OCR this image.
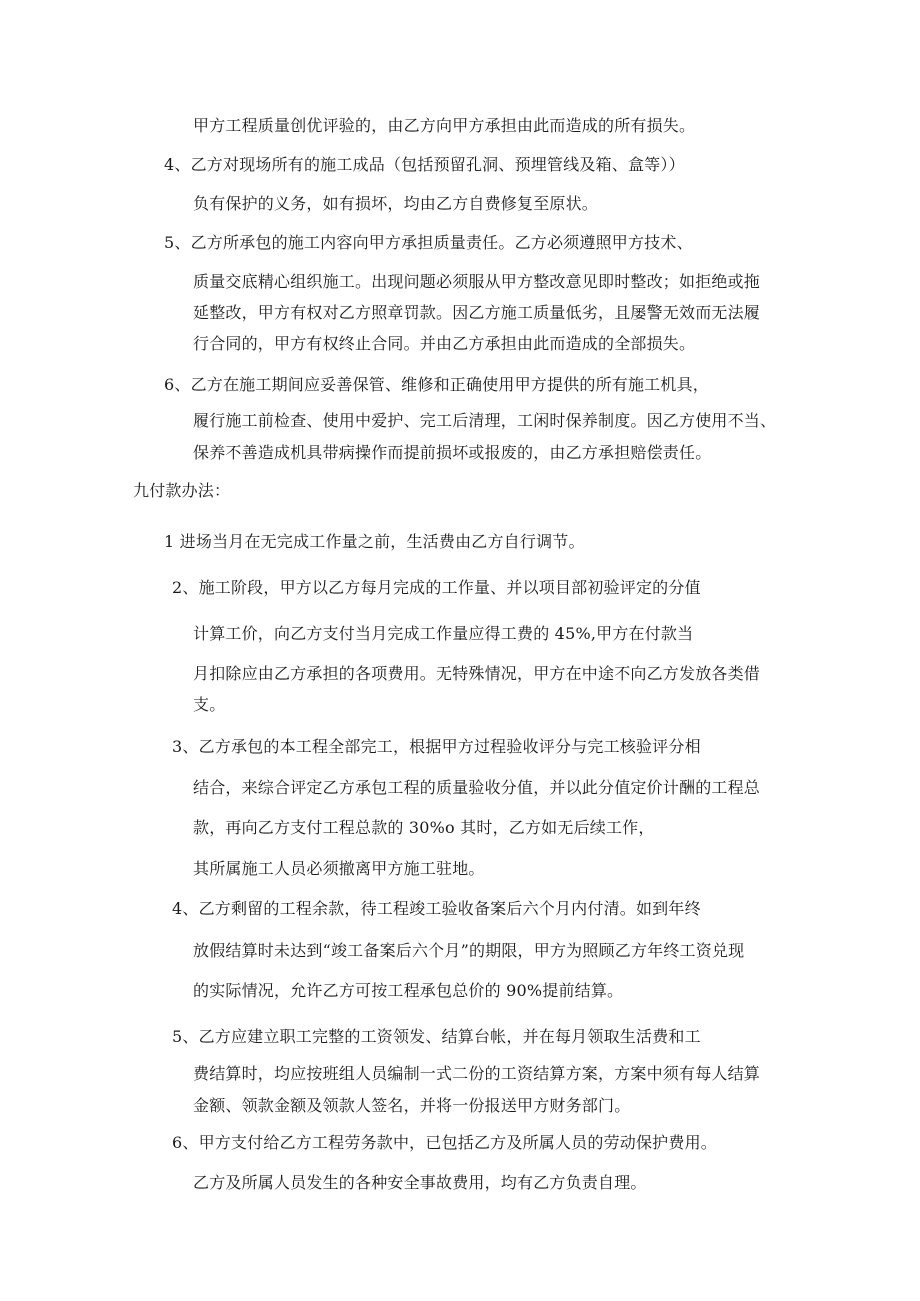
甲方工程质量创优评验的，由乙方向甲方承担由此而造成的所有损失。
4、乙方对现场所有的施工成品（包括预留孔洞、预埋管线及箱、盒等））
负有保护的义务，如有损坏，均由乙方自费修复至原状。
5、乙方所承包的施工内容向甲方承担质量责任。乙方必须遵照甲方技术、
质量交底精心组织施工。出现问题必须服从甲方整改意见即时整改；如拒绝或拖
延整改，甲方有权对乙方照章罚款。因乙方施工质量低劣，且屡警无效而无法履
行合同的，甲方有权终止合同。并由乙方承担由此而造成的全部损失。
6、乙方在施工期间应妥善保管、维修和正确使用甲方提供的所有施工机具，
履行施工前检查、使用中爱护、完工后清理，工闲时保养制度。因乙方使用不当、
保养不善造成机具带病操作而提前损坏或报废的，由乙方承担赔偿责任。
九付款办法：
1 进场当月在无完成工作量之前，生活费由乙方自行调节。
2、施工阶段，甲方以乙方每月完成的工作量、并以项目部初验评定的分值
计算工价，向乙方支付当月完成工作量应得工费的 45%,甲方在付款当
月扣除应由乙方承担的各项费用。无特殊情况，甲方在中途不向乙方发放各类借
支。
3、乙方承包的本工程全部完工，根据甲方过程验收评分与完工核验评分相
结合，来综合评定乙方承包工程的质量验收分值，并以此分值定价计酬的工程总
款，再向乙方支付工程总款的 30%o 其时，乙方如无后续工作，
其所属施工人员必须撤离甲方施工驻地。
4、乙方剩留的工程余款，待工程竣工验收备案后六个月内付清。如到年终
放假结算时未达到“竣工备案后六个月”的期限，甲方为照顾乙方年终工资兑现
的实际情况，允许乙方可按工程承包总价的 90%提前结算。
5、乙方应建立职工完整的工资领发、结算台帐，并在每月领取生活费和工
费结算时，均应按班组人员编制一式二份的工资结算方案，方案中须有每人结算
金额、领款金额及领款人签名，并将一份报送甲方财务部门。
6、甲方支付给乙方工程劳务款中，已包括乙方及所属人员的劳动保护费用。
乙方及所属人员发生的各种安全事故费用，均有乙方负责自理。
